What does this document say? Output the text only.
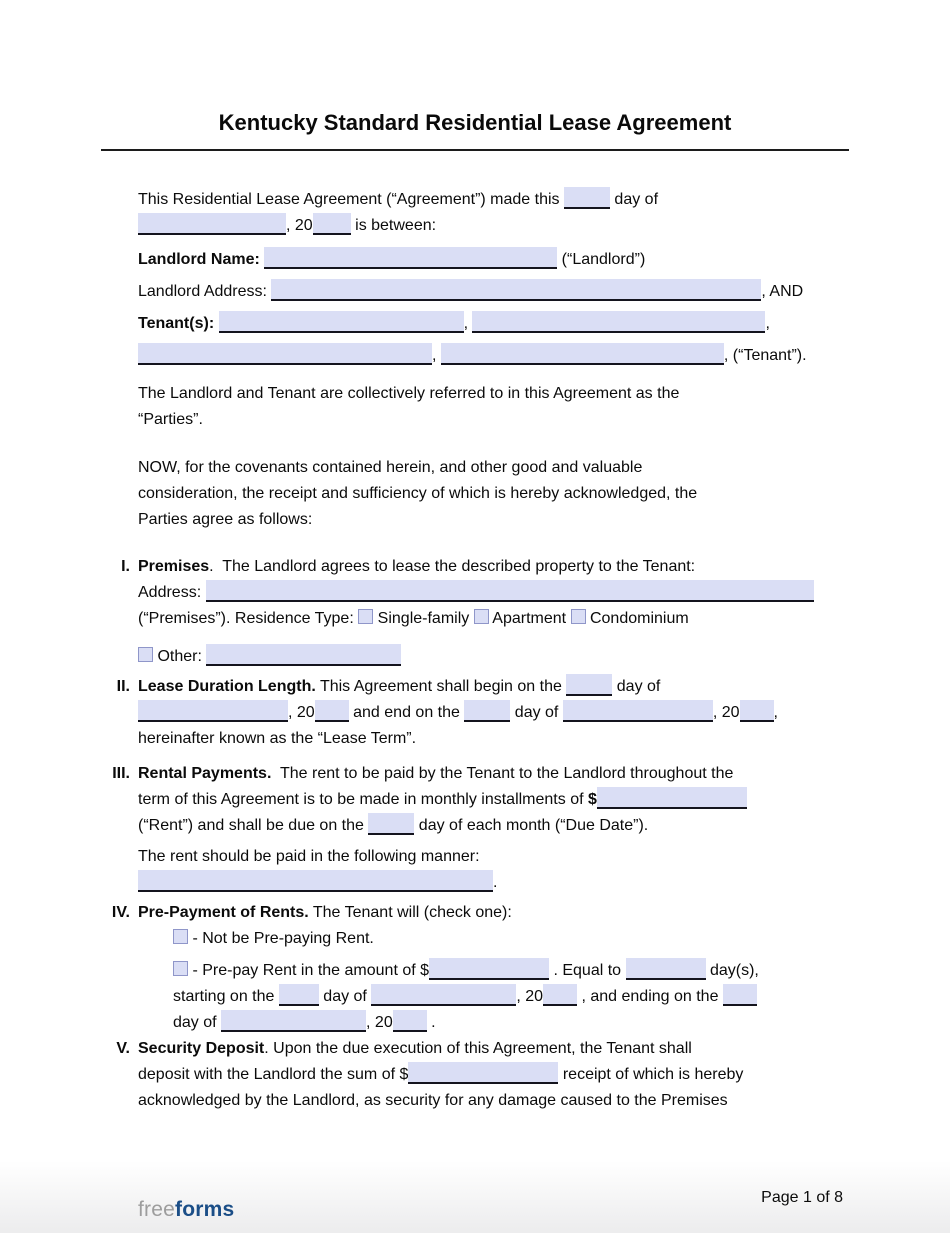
Kentucky Standard Residential Lease Agreement
This Residential Lease Agreement (“Agreement”) made this	day of
, 20 is between:
Landlord Name:	(“Landlord”)
Landlord Address:	, AND
Tenant(s):	,	,
,	, (“Tenant”).
The Landlord and Tenant are collectively referred to in this Agreement as the
“Parties”.
NOW, for the covenants contained herein, and other good and valuable
consideration, the receipt and sufficiency of which is hereby acknowledged, the
Parties agree as follows:
I. Premises.  The Landlord agrees to lease the described property to the Tenant:
Address:
(“Premises”). Residence Type:  Single-family  Apartment  Condominium
Other:
II. Lease Duration Length. This Agreement shall begin on the	day of
, 20 and end on the	day of	, 20 ,
hereinafter known as the “Lease Term”.
III. Rental Payments.  The rent to be paid by the Tenant to the Landlord throughout the
term of this Agreement is to be made in monthly installments of $
(“Rent”) and shall be due on the	day of each month (“Due Date”).
The rent should be paid in the following manner:
.
IV. Pre-Payment of Rents. The Tenant will (check one):
- Not be Pre-paying Rent.
- Pre-pay Rent in the amount of $	. Equal to	day(s),
starting on the	day of	, 20 , and ending on the
day of	, 20 .
V. Security Deposit. Upon the due execution of this Agreement, the Tenant shall
deposit with the Landlord the sum of $	receipt of which is hereby
acknowledged by the Landlord, as security for any damage caused to the Premises
freeforms
Page 1 of 8
